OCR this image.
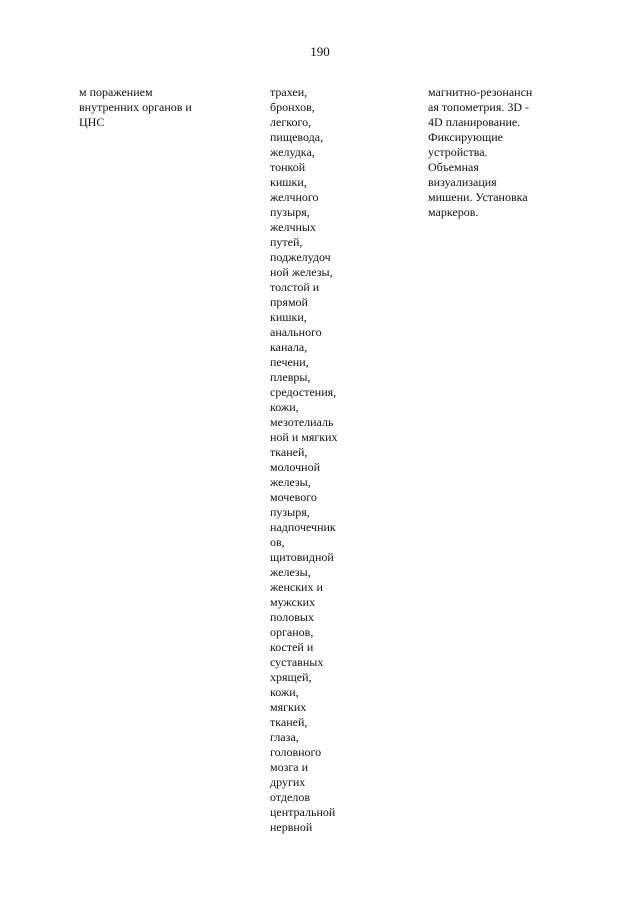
190
м поражением
внутренних органов и
ЦНС
трахеи,
бронхов,
легкого,
пищевода,
желудка,
тонкой
кишки,
желчного
пузыря,
желчных
путей,
поджелудоч
ной железы,
толстой и
прямой
кишки,
анального
канала,
печени,
плевры,
средостения,
кожи,
мезотелиаль
ной и мягких
тканей,
молочной
железы,
мочевого
пузыря,
надпочечник
ов,
щитовидной
железы,
женских и
мужских
половых
органов,
костей и
суставных
хрящей,
кожи,
мягких
тканей,
глаза,
головного
мозга и
других
отделов
центральной
нервной
магнитно-резонансн
ая топометрия. 3D -
4D планирование.
Фиксирующие
устройства.
Объемная
визуализация
мишени. Установка
маркеров.
